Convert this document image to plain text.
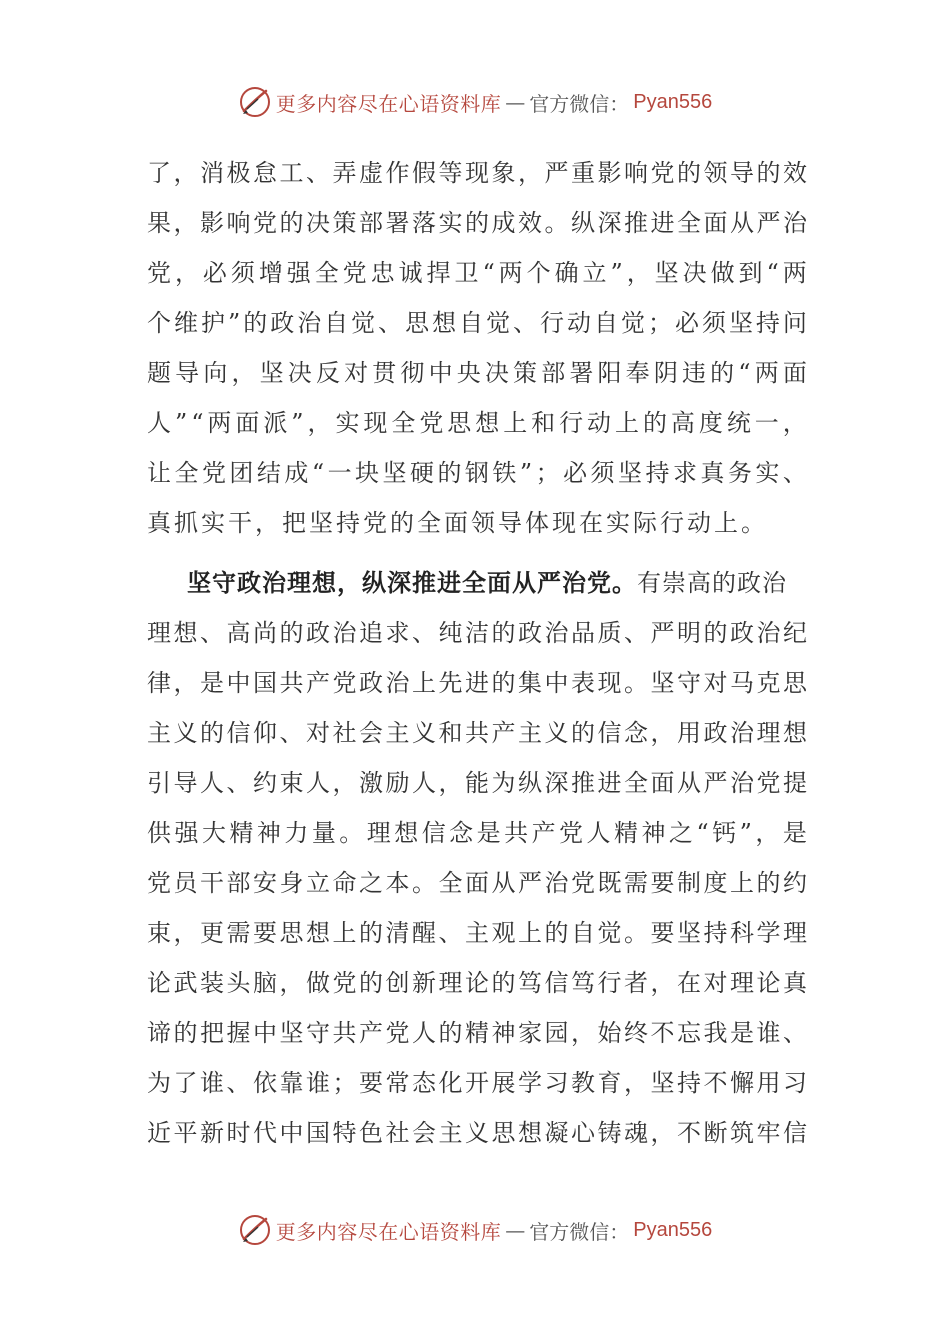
更多内容尽在心语资料库 — 官方微信： Pyan556
了 ， 消 极 怠 工 、 弄 虚 作 假 等 现 象 ， 严 重 影 响 党 的 领 导 的 效
果 ， 影 响 党 的 决 策 部 署 落 实 的 成 效 。 纵 深 推 进 全 面 从 严 治
党 ， 必 须 增 强 全 党 忠 诚 捍 卫 “ 两 个 确 立 ” ， 坚 决 做 到 “ 两
个 维 护 ” 的 政 治 自 觉 、 思 想 自 觉 、 行 动 自 觉 ； 必 须 坚 持 问
题 导 向 ， 坚 决 反 对 贯 彻 中 央 决 策 部 署 阳 奉 阴 违 的 “ 两 面
人 ” “ 两 面 派 ” ， 实 现 全 党 思 想 上 和 行 动 上 的 高 度 统 一 ，
让 全 党 团 结 成 “ 一 块 坚 硬 的 钢 铁 ” ； 必 须 坚 持 求 真 务 实 、
真抓实干，把坚持党的全面领导体现在实际行动上。
坚守政治理想，纵深推进全面从严治党。 有崇高的政治
理 想 、 高 尚 的 政 治 追 求 、 纯 洁 的 政 治 品 质 、 严 明 的 政 治 纪
律 ， 是 中 国 共 产 党 政 治 上 先 进 的 集 中 表 现 。 坚 守 对 马 克 思
主 义 的 信 仰 、 对 社 会 主 义 和 共 产 主 义 的 信 念 ， 用 政 治 理 想
引 导 人 、 约 束 人 ， 激 励 人 ， 能 为 纵 深 推 进 全 面 从 严 治 党 提
供 强 大 精 神 力 量 。 理 想 信 念 是 共 产 党 人 精 神 之 “ 钙 ” ， 是
党 员 干 部 安 身 立 命 之 本 。 全 面 从 严 治 党 既 需 要 制 度 上 的 约
束 ， 更 需 要 思 想 上 的 清 醒 、 主 观 上 的 自 觉 。 要 坚 持 科 学 理
论 武 装 头 脑 ， 做 党 的 创 新 理 论 的 笃 信 笃 行 者 ， 在 对 理 论 真
谛 的 把 握 中 坚 守 共 产 党 人 的 精 神 家 园 ， 始 终 不 忘 我 是 谁 、
为 了 谁 、 依 靠 谁 ； 要 常 态 化 开 展 学 习 教 育 ， 坚 持 不 懈 用 习
近 平 新 时 代 中 国 特 色 社 会 主 义 思 想 凝 心 铸 魂 ， 不 断 筑 牢 信
更多内容尽在心语资料库 — 官方微信： Pyan556
